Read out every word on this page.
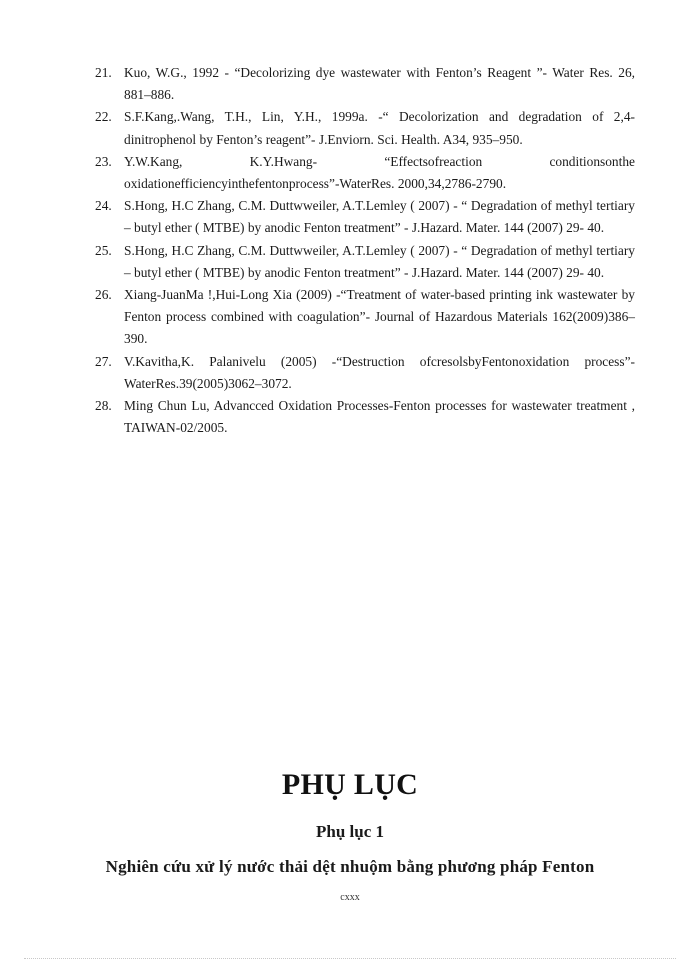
21. Kuo, W.G., 1992 - “Decolorizing dye wastewater with Fenton’s Reagent ”- Water Res. 26, 881–886.
22. S.F.Kang,.Wang, T.H., Lin, Y.H., 1999a. -“ Decolorization and degradation of 2,4-dinitrophenol by Fenton’s reagent”- J.Enviorn. Sci. Health. A34, 935–950.
23. Y.W.Kang, K.Y.Hwang- “Effectsofreaction conditionsonthe oxidationefficiencyinthefentonprocess”-WaterRes. 2000,34,2786-2790.
24. S.Hong, H.C Zhang, C.M. Duttwweiler, A.T.Lemley ( 2007) - “ Degradation of methyl tertiary – butyl ether ( MTBE) by anodic Fenton treatment” - J.Hazard. Mater. 144 (2007) 29- 40.
25. S.Hong, H.C Zhang, C.M. Duttwweiler, A.T.Lemley ( 2007) - “ Degradation of methyl tertiary – butyl ether ( MTBE) by anodic Fenton treatment” - J.Hazard. Mater. 144 (2007) 29- 40.
26. Xiang-JuanMa !,Hui-Long Xia (2009) -“Treatment of water-based printing ink wastewater by Fenton process combined with coagulation”- Journal of Hazardous Materials 162(2009)386–390.
27. V.Kavitha,K. Palanivelu (2005) -“Destruction ofcresolsbyFentonoxidation process”-WaterRes.39(2005)3062–3072.
28. Ming Chun Lu, Advancced Oxidation Processes-Fenton processes for wastewater treatment , TAIWAN-02/2005.
PHỤ LỤC
Phụ lục 1
Nghiên cứu xử lý nước thải dệt nhuộm bằng phương pháp Fenton
cxxx
